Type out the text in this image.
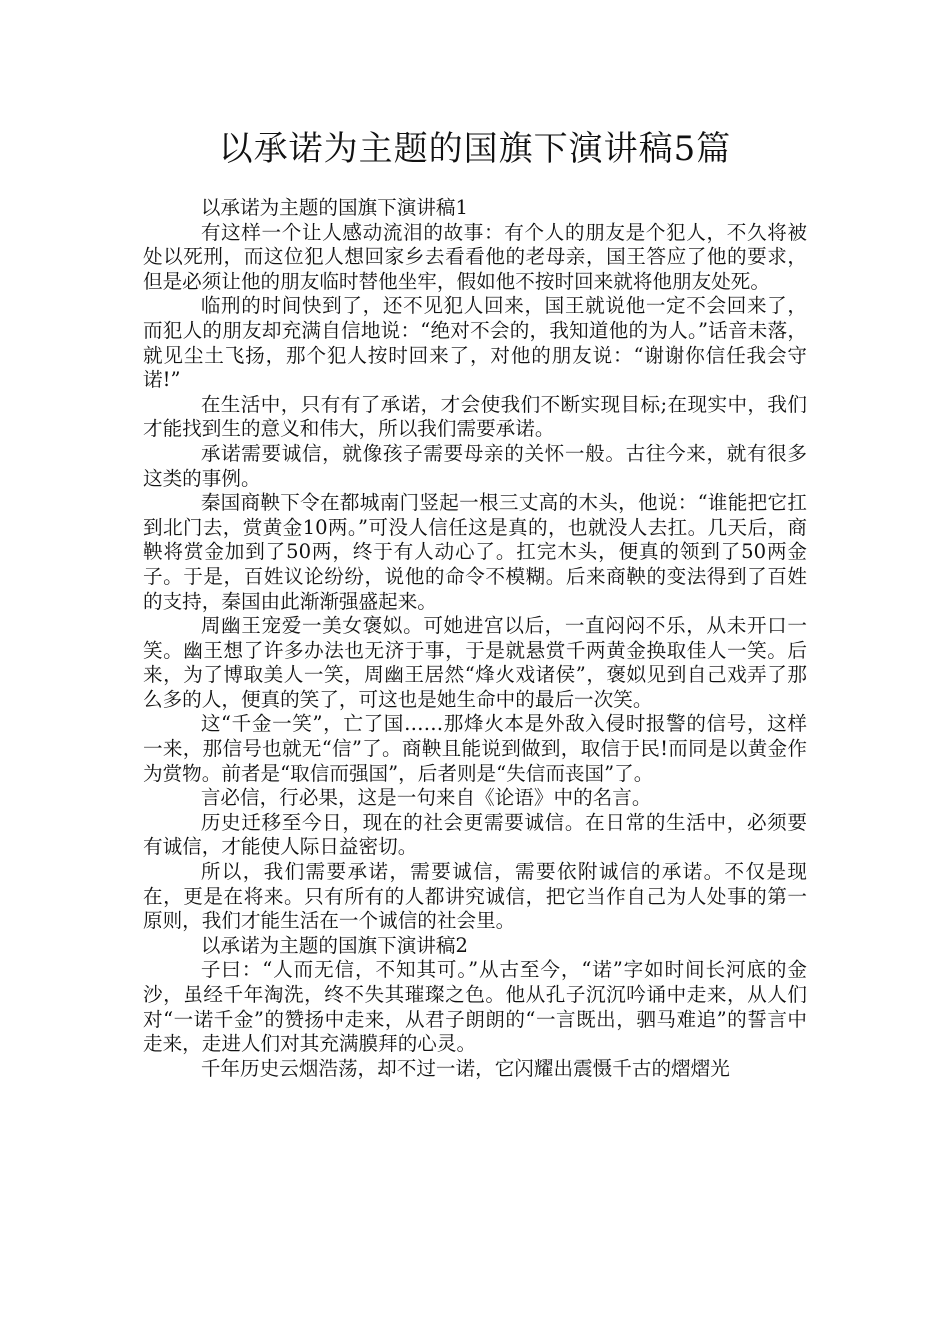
以承诺为主题的国旗下演讲稿5篇

以承诺为主题的国旗下演讲稿1

有这样一个让人感动流泪的故事：有个人的朋友是个犯人，不久将被处以死刑，而这位犯人想回家乡去看看他的老母亲，国王答应了他的要求，但是必须让他的朋友临时替他坐牢，假如他不按时回来就将他朋友处死。

临刑的时间快到了，还不见犯人回来，国王就说他一定不会回来了，而犯人的朋友却充满自信地说：“绝对不会的，我知道他的为人。”话音未落，就见尘土飞扬，那个犯人按时回来了，对他的朋友说：“谢谢你信任我会守诺!”

在生活中，只有有了承诺，才会使我们不断实现目标;在现实中，我们才能找到生的意义和伟大，所以我们需要承诺。

承诺需要诚信，就像孩子需要母亲的关怀一般。古往今来，就有很多这类的事例。

秦国商鞅下令在都城南门竖起一根三丈高的木头，他说：“谁能把它扛到北门去，赏黄金10两。”可没人信任这是真的，也就没人去扛。几天后，商鞅将赏金加到了50两，终于有人动心了。扛完木头，便真的领到了50两金子。于是，百姓议论纷纷，说他的命令不模糊。后来商鞅的变法得到了百姓的支持，秦国由此渐渐强盛起来。

周幽王宠爱一美女褒姒。可她进宫以后，一直闷闷不乐，从未开口一笑。幽王想了许多办法也无济于事，于是就悬赏千两黄金换取佳人一笑。后来，为了博取美人一笑，周幽王居然“烽火戏诸侯”，褒姒见到自己戏弄了那么多的人，便真的笑了，可这也是她生命中的最后一次笑。

这“千金一笑”，亡了国……那烽火本是外敌入侵时报警的信号，这样一来，那信号也就无“信”了。商鞅且能说到做到，取信于民!而同是以黄金作为赏物。前者是“取信而强国”，后者则是“失信而丧国”了。

言必信，行必果，这是一句来自《论语》中的名言。

历史迁移至今日，现在的社会更需要诚信。在日常的生活中，必须要有诚信，才能使人际日益密切。

所以，我们需要承诺，需要诚信，需要依附诚信的承诺。不仅是现在，更是在将来。只有所有的人都讲究诚信，把它当作自己为人处事的第一原则，我们才能生活在一个诚信的社会里。

以承诺为主题的国旗下演讲稿2

子曰：“人而无信，不知其可。”从古至今，“诺”字如时间长河底的金沙，虽经千年淘洗，终不失其璀璨之色。他从孔子沉沉吟诵中走来，从人们对“一诺千金”的赞扬中走来，从君子朗朗的“一言既出，驷马难追”的誓言中走来，走进人们对其充满膜拜的心灵。

千年历史云烟浩荡，却不过一诺，它闪耀出震慑千古的熠熠光
